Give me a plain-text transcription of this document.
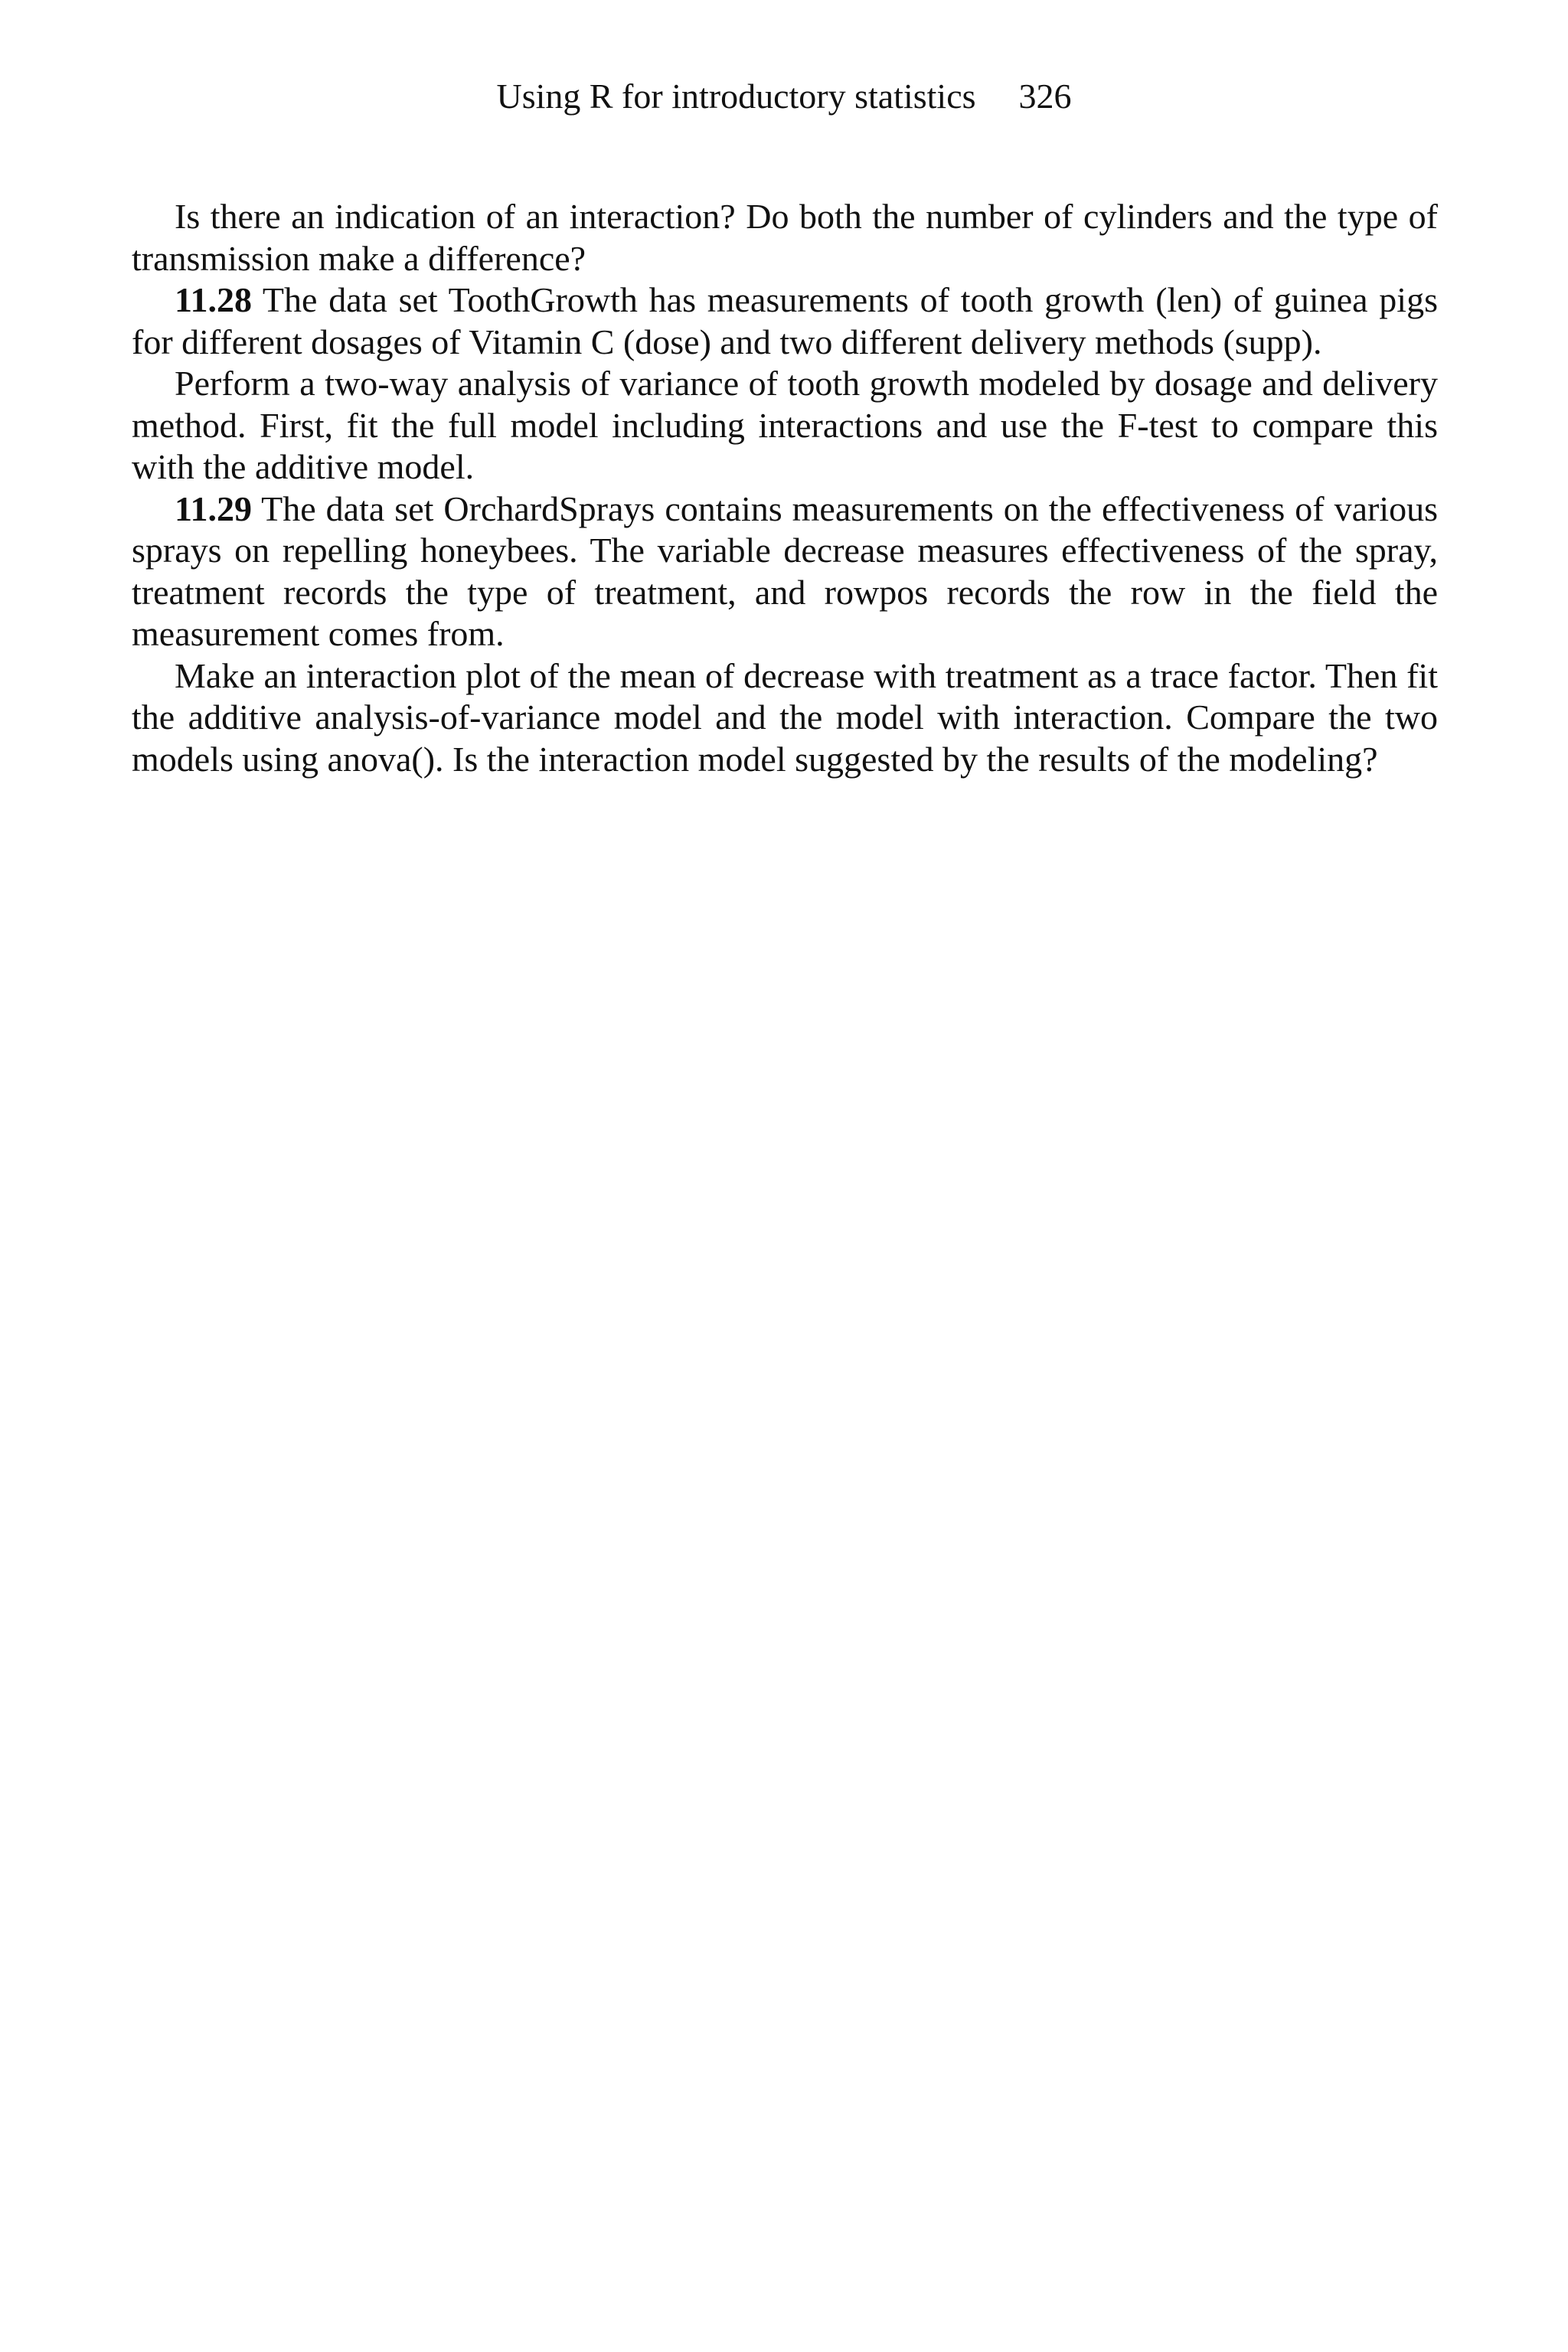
Using R for introductory statistics 326

Is there an indication of an interaction? Do both the number of cylinders and the type of transmission make a difference?

11.28 The data set ToothGrowth has measurements of tooth growth (len) of guinea pigs for different dosages of Vitamin C (dose) and two different delivery methods (supp).

Perform a two-way analysis of variance of tooth growth modeled by dosage and delivery method. First, fit the full model including interactions and use the F-test to compare this with the additive model.

11.29 The data set OrchardSprays contains measurements on the effectiveness of various sprays on repelling honeybees. The variable decrease measures effectiveness of the spray, treatment records the type of treatment, and rowpos records the row in the field the measurement comes from.

Make an interaction plot of the mean of decrease with treatment as a trace factor. Then fit the additive analysis-of-variance model and the model with interaction. Compare the two models using anova(). Is the interaction model suggested by the results of the modeling?
